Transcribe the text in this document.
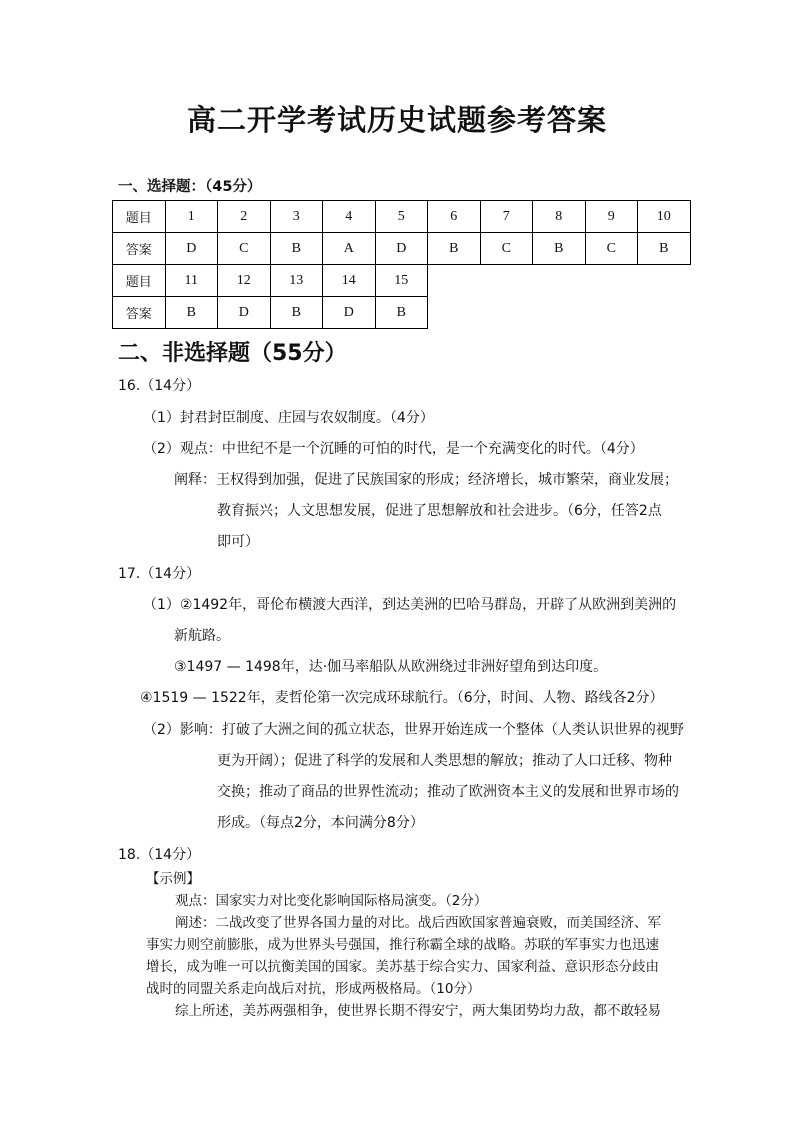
高二开学考试历史试题参考答案
一、选择题：（45分）
题目	1	2	3	4	5	6	7	8	9	10
答案	D	C	B	A	D	B	C	B	C	B
题目	11	12	13	14	15					
答案	B	D	B	D	B					
二、非选择题（55分）
16.（14分）
（1）封君封臣制度、庄园与农奴制度。（4分）
（2）观点：中世纪不是一个沉睡的可怕的时代，是一个充满变化的时代。（4分）
阐释：王权得到加强，促进了民族国家的形成；经济增长，城市繁荣，商业发展；
教育振兴；人文思想发展，促进了思想解放和社会进步。（6分，任答2点
即可）
17.（14分）
（1）②1492年，哥伦布横渡大西洋，到达美洲的巴哈马群岛，开辟了从欧洲到美洲的
新航路。
③1497 — 1498年，达·伽马率船队从欧洲绕过非洲好望角到达印度。
④1519 — 1522年，麦哲伦第一次完成环球航行。（6分，时间、人物、路线各2分）
（2）影响：打破了大洲之间的孤立状态，世界开始连成一个整体（人类认识世界的视野
更为开阔）；促进了科学的发展和人类思想的解放；推动了人口迁移、物种
交换；推动了商品的世界性流动；推动了欧洲资本主义的发展和世界市场的
形成。（每点2分，本问满分8分）
18.（14分）
【示例】
观点：国家实力对比变化影响国际格局演变。（2分）
阐述：二战改变了世界各国力量的对比。战后西欧国家普遍衰败，而美国经济、军
事实力则空前膨胀，成为世界头号强国，推行称霸全球的战略。苏联的军事实力也迅速
增长，成为唯一可以抗衡美国的国家。美苏基于综合实力、国家利益、意识形态分歧由
战时的同盟关系走向战后对抗，形成两极格局。（10分）
综上所述，美苏两强相争，使世界长期不得安宁，两大集团势均力敌，都不敢轻易
